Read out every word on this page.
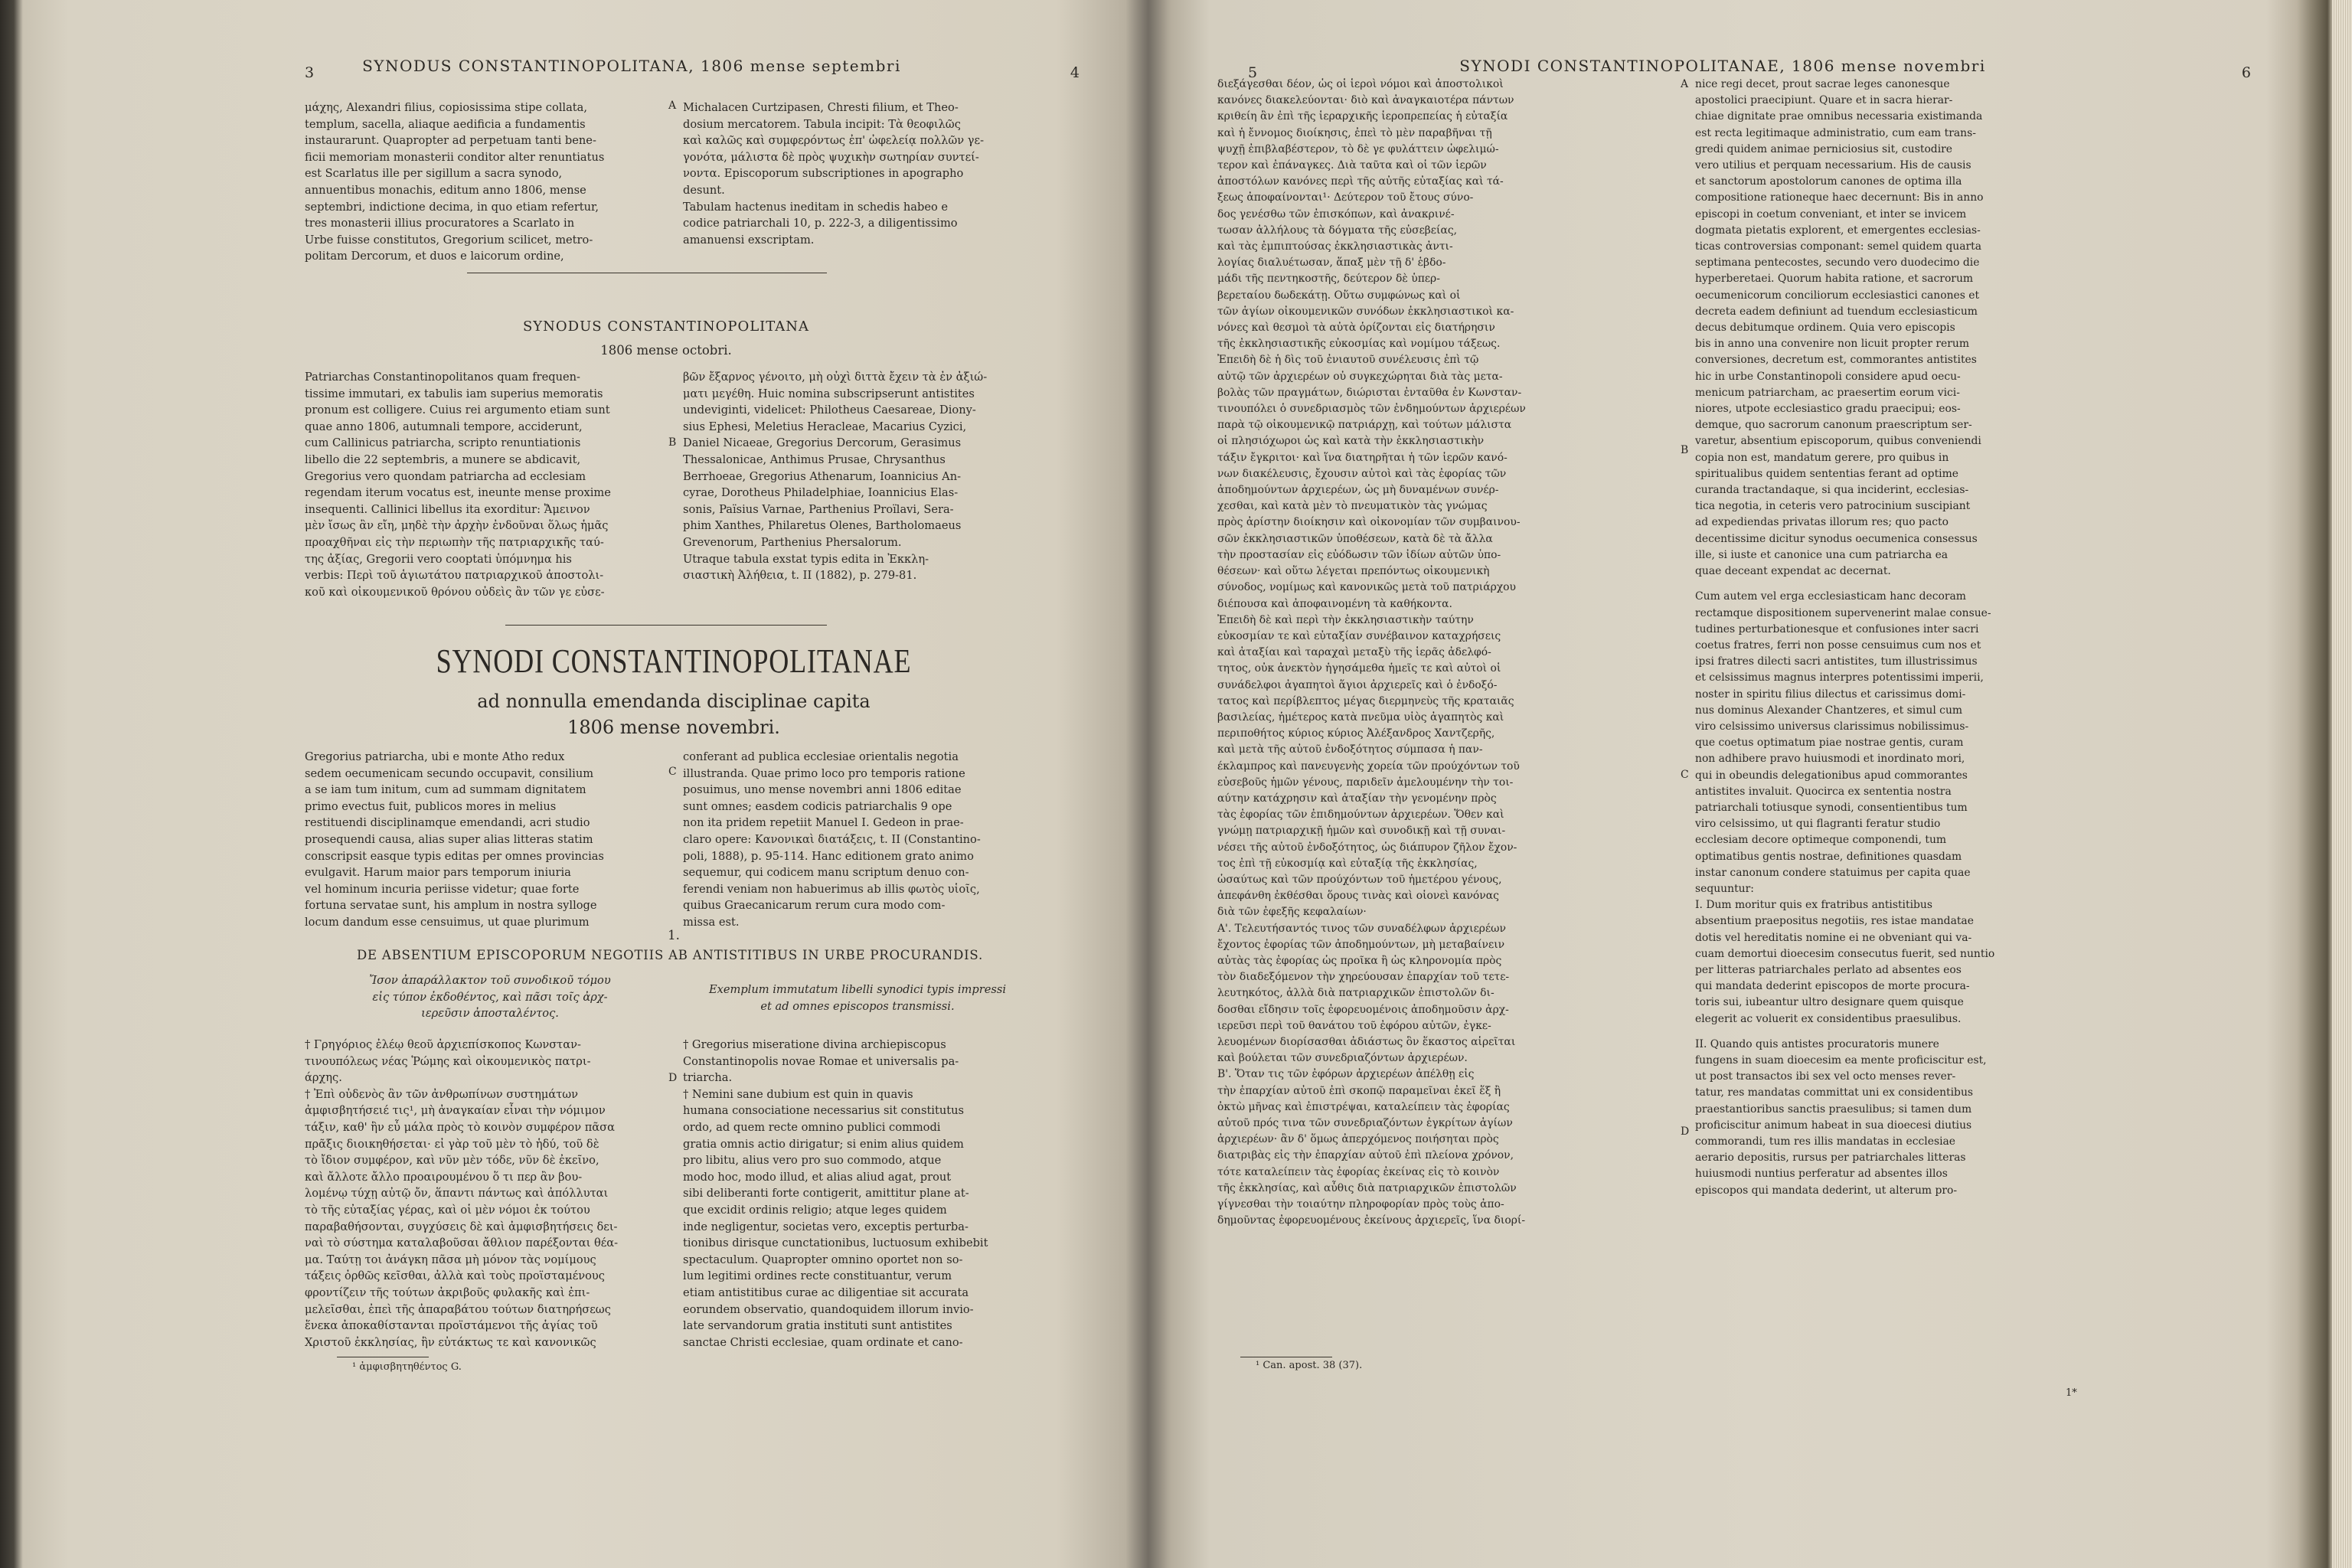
3	SYNODUS CONSTANTINOPOLITANA, 1806 mense septembri	4
μάχης, Alexandri filius, copiosissima stipe collata,
templum, sacella, aliaque aedificia a fundamentis
instaurarunt. Quapropter ad perpetuam tanti bene-
ficii memoriam monasterii conditor alter renuntiatus
est Scarlatus ille per sigillum a sacra synodo,
annuentibus monachis, editum anno 1806, mense
septembri, indictione decima, in quo etiam refertur,
tres monasterii illius procuratores a Scarlato in
Urbe fuisse constitutos, Gregorium scilicet, metro-
politam Dercorum, et duos e laicorum ordine,
A Michalacen Curtzipasen, Chresti filium, et Theo-
dosium mercatorem. Tabula incipit: Τὰ θεοφιλῶς
καὶ καλῶς καὶ συμφερόντως ἐπ' ὠφελείᾳ πολλῶν γε-
γονότα, μάλιστα δὲ πρὸς ψυχικὴν σωτηρίαν συντεί-
νοντα. Episcoporum subscriptiones in apographo
desunt.
Tabulam hactenus ineditam in schedis habeo e
codice patriarchali 10, p. 222-3, a diligentissimo
amanuensi exscriptam.
SYNODUS CONSTANTINOPOLITANA
1806 mense octobri.
Patriarchas Constantinopolitanos quam frequen-
tissime immutari, ex tabulis iam superius memoratis
pronum est colligere. Cuius rei argumento etiam sunt
quae anno 1806, autumnali tempore, acciderunt,
cum Callinicus patriarcha, scripto renuntiationis
libello die 22 septembris, a munere se abdicavit,
Gregorius vero quondam patriarcha ad ecclesiam
regendam iterum vocatus est, ineunte mense proxime
insequenti. Callinici libellus ita exorditur: Ἄμεινον
μὲν ἴσως ἂν εἴη, μηδὲ τὴν ἀρχὴν ἐνδοῦναι ὅλως ἡμᾶς
προαχθῆναι εἰς τὴν περιωπὴν τῆς πατριαρχικῆς ταύ-
της ἀξίας, Gregorii vero cooptati ὑπόμνημα his
verbis: Περὶ τοῦ ἁγιωτάτου πατριαρχικοῦ ἀποστολι-
κοῦ καὶ οἰκουμενικοῦ θρόνου οὐδεὶς ἂν τῶν γε εὐσε-
B
βῶν ἔξαρνος γένοιτο, μὴ οὐχὶ διττὰ ἔχειν τὰ ἐν ἀξιώ-
ματι μεγέθη. Huic nomina subscripserunt antistites
undeviginti, videlicet: Philotheus Caesareae, Diony-
sius Ephesi, Meletius Heracleae, Macarius Cyzici,
Daniel Nicaeae, Gregorius Dercorum, Gerasimus
Thessalonicae, Anthimus Prusae, Chrysanthus
Berrhoeae, Gregorius Athenarum, Ioannicius An-
cyrae, Dorotheus Philadelphiae, Ioannicius Elas-
sonis, Païsius Varnae, Parthenius Proïlavi, Sera-
phim Xanthes, Philaretus Olenes, Bartholomaeus
Grevenorum, Parthenius Phersalorum.
Utraque tabula exstat typis edita in Ἐκκλη-
σιαστικὴ Ἀλήθεια, t. II (1882), p. 279-81.
SYNODI CONSTANTINOPOLITANAE
ad nonnulla emendanda disciplinae capita
1806 mense novembri.
Gregorius patriarcha, ubi e monte Atho redux
sedem oecumenicam secundo occupavit, consilium
a se iam tum initum, cum ad summam dignitatem
primo evectus fuit, publicos mores in melius
restituendi disciplinamque emendandi, acri studio
prosequendi causa, alias super alias litteras statim
conscripsit easque typis editas per omnes provincias
evulgavit. Harum maior pars temporum iniuria
vel hominum incuria periisse videtur; quae forte
fortuna servatae sunt, his amplum in nostra sylloge
locum dandum esse censuimus, ut quae plurimum
C
conferant ad publica ecclesiae orientalis negotia
illustranda. Quae primo loco pro temporis ratione
posuimus, uno mense novembri anni 1806 editae
sunt omnes; easdem codicis patriarchalis 9 ope
non ita pridem repetiit Manuel I. Gedeon in prae-
claro opere: Κανονικαὶ διατάξεις, t. II (Constantino-
poli, 1888), p. 95-114. Hanc editionem grato animo
sequemur, qui codicem manu scriptum denuo con-
ferendi veniam non habuerimus ab illis φωτὸς υἱοῖς,
quibus Graecanicarum rerum cura modo com-
missa est.
1.
DE ABSENTIUM EPISCOPORUM NEGOTIIS AB ANTISTITIBUS IN URBE PROCURANDIS.
Ἴσον ἀπαράλλακτον τοῦ συνοδικοῦ τόμου
εἰς τύπον ἐκδοθέντος, καὶ πᾶσι τοῖς ἀρχ-
ιερεῦσιν ἀποσταλέντος.
Exemplum immutatum libelli synodici typis impressi
et ad omnes episcopos transmissi.
† Γρηγόριος ἐλέῳ θεοῦ ἀρχιεπίσκοπος Κωνσταν-
τινουπόλεως νέας Ῥώμης καὶ οἰκουμενικὸς πατρι-
άρχης.
† Ἐπὶ οὐδενὸς ἂν τῶν ἀνθρωπίνων συστημάτων
ἀμφισβητήσειέ τις¹, μὴ ἀναγκαίαν εἶναι τὴν νόμιμον
τάξιν, καθ' ἣν εὖ μάλα πρὸς τὸ κοινὸν συμφέρον πᾶσα
πρᾶξις διοικηθήσεται· εἰ γὰρ τοῦ μὲν τὸ ἡδύ, τοῦ δὲ
τὸ ἴδιον συμφέρον, καὶ νῦν μὲν τόδε, νῦν δὲ ἐκεῖνο,
καὶ ἄλλοτε ἄλλο προαιρουμένου ὅ τι περ ἂν βου-
λομένῳ τύχῃ αὐτῷ ὄν, ἅπαντι πάντως καὶ ἀπόλλυται
τὸ τῆς εὐταξίας γέρας, καὶ οἱ μὲν νόμοι ἐκ τούτου
παραβαθήσονται, συγχύσεις δὲ καὶ ἀμφισβητήσεις δει-
ναὶ τὸ σύστημα καταλαβοῦσαι ἄθλιον παρέξονται θέα-
μα. Ταύτῃ τοι ἀνάγκη πᾶσα μὴ μόνον τὰς νομίμους
τάξεις ὀρθῶς κεῖσθαι, ἀλλὰ καὶ τοὺς προϊσταμένους
φροντίζειν τῆς τούτων ἀκριβοῦς φυλακῆς καὶ ἐπι-
μελεῖσθαι, ἐπεὶ τῆς ἀπαραβάτου τούτων διατηρήσεως
ἕνεκα ἀποκαθίστανται προϊστάμενοι τῆς ἁγίας τοῦ
Χριστοῦ ἐκκλησίας, ἣν εὐτάκτως τε καὶ κανονικῶς
D
† Gregorius miseratione divina archiepiscopus
Constantinopolis novae Romae et universalis pa-
triarcha.
† Nemini sane dubium est quin in quavis
humana consociatione necessarius sit constitutus
ordo, ad quem recte omnino publici commodi
gratia omnis actio dirigatur; si enim alius quidem
pro libitu, alius vero pro suo commodo, atque
modo hoc, modo illud, et alias aliud agat, prout
sibi deliberanti forte contigerit, amittitur plane at-
que excidit ordinis religio; atque leges quidem
inde negligentur, societas vero, exceptis perturba-
tionibus dirisque cunctationibus, luctuosum exhibebit
spectaculum. Quapropter omnino oportet non so-
lum legitimi ordines recte constituantur, verum
etiam antistitibus curae ac diligentiae sit accurata
eorundem observatio, quandoquidem illorum invio-
late servandorum gratia instituti sunt antistites
sanctae Christi ecclesiae, quam ordinate et cano-
¹ ἀμφισβητηθέντος G.
5	SYNODI CONSTANTINOPOLITANAE, 1806 mense novembri	6
διεξάγεσθαι δέον, ὡς οἱ ἱεροὶ νόμοι καὶ ἀποστολικοὶ
κανόνες διακελεύονται· διὸ καὶ ἀναγκαιοτέρα πάντων
κριθείη ἂν ἐπὶ τῆς ἱεραρχικῆς ἱεροπρεπείας ἡ εὐταξία
καὶ ἡ ἔννομος διοίκησις, ἐπεὶ τὸ μὲν παραβῆναι τῇ
ψυχῇ ἐπιβλαβέστερον, τὸ δὲ γε φυλάττειν ὠφελιμώ-
τερον καὶ ἐπάναγκες. Διὰ ταῦτα καὶ οἱ τῶν ἱερῶν
ἀποστόλων κανόνες περὶ τῆς αὐτῆς εὐταξίας καὶ τά-
ξεως ἀποφαίνονται¹· Δεύτερον τοῦ ἔτους σύνο-
δος γενέσθω τῶν ἐπισκόπων, καὶ ἀνακρινέ-
τωσαν ἀλλήλους τὰ δόγματα τῆς εὐσεβείας,
καὶ τὰς ἐμπιπτούσας ἐκκλησιαστικὰς ἀντι-
λογίας διαλυέτωσαν, ἅπαξ μὲν τῇ δ' ἑβδο-
μάδι τῆς πεντηκοστῆς, δεύτερον δὲ ὑπερ-
βερεταίου δωδεκάτῃ. Οὕτω συμφώνως καὶ οἱ
τῶν ἁγίων οἰκουμενικῶν συνόδων ἐκκλησιαστικοὶ κα-
νόνες καὶ θεσμοὶ τὰ αὐτὰ ὁρίζονται εἰς διατήρησιν
τῆς ἐκκλησιαστικῆς εὐκοσμίας καὶ νομίμου τάξεως.
Ἐπειδὴ δὲ ἡ δὶς τοῦ ἐνιαυτοῦ συνέλευσις ἐπὶ τῷ
αὐτῷ τῶν ἀρχιερέων οὐ συγκεχώρηται διὰ τὰς μετα-
βολὰς τῶν πραγμάτων, διώρισται ἐνταῦθα ἐν Κωνσταν-
τινουπόλει ὁ συνεδριασμὸς τῶν ἐνδημούντων ἀρχιερέων
παρὰ τῷ οἰκουμενικῷ πατριάρχῃ, καὶ τούτων μάλιστα
οἱ πλησιόχωροι ὡς καὶ κατὰ τὴν ἐκκλησιαστικὴν
τάξιν ἔγκριτοι· καὶ ἵνα διατηρῆται ἡ τῶν ἱερῶν κανό-
νων διακέλευσις, ἔχουσιν αὐτοὶ καὶ τὰς ἐφορίας τῶν
ἀποδημούντων ἀρχιερέων, ὡς μὴ δυναμένων συνέρ-
χεσθαι, καὶ κατὰ μὲν τὸ πνευματικὸν τὰς γνώμας
πρὸς ἀρίστην διοίκησιν καὶ οἰκονομίαν τῶν συμβαινου-
σῶν ἐκκλησιαστικῶν ὑποθέσεων, κατὰ δὲ τὰ ἄλλα
τὴν προστασίαν εἰς εὐόδωσιν τῶν ἰδίων αὐτῶν ὑπο-
θέσεων· καὶ οὕτω λέγεται πρεπόντως οἰκουμενικὴ
σύνοδος, νομίμως καὶ κανονικῶς μετὰ τοῦ πατριάρχου
διέπουσα καὶ ἀποφαινομένη τὰ καθήκοντα.
Ἐπειδὴ δὲ καὶ περὶ τὴν ἐκκλησιαστικὴν ταύτην
εὐκοσμίαν τε καὶ εὐταξίαν συνέβαινον καταχρήσεις
καὶ ἀταξίαι καὶ ταραχαὶ μεταξὺ τῆς ἱερᾶς ἀδελφό-
τητος, οὐκ ἀνεκτὸν ἡγησάμεθα ἡμεῖς τε καὶ αὐτοὶ οἱ
συνάδελφοι ἀγαπητοὶ ἅγιοι ἀρχιερεῖς καὶ ὁ ἐνδοξό-
τατος καὶ περίβλεπτος μέγας διερμηνεὺς τῆς κραταιᾶς
βασιλείας, ἡμέτερος κατὰ πνεῦμα υἱὸς ἀγαπητὸς καὶ
περιποθήτος κύριος κύριος Ἀλέξανδρος Χαντζερῆς,
καὶ μετὰ τῆς αὐτοῦ ἐνδοξότητος σύμπασα ἡ παν-
έκλαμπρος καὶ πανευγενὴς χορεία τῶν προύχόντων τοῦ
εὐσεβοῦς ἡμῶν γένους, παριδεῖν ἀμελουμένην τὴν τοι-
αύτην κατάχρησιν καὶ ἀταξίαν τὴν γενομένην πρὸς
τὰς ἐφορίας τῶν ἐπιδημούντων ἀρχιερέων. Ὅθεν καὶ
γνώμῃ πατριαρχικῇ ἡμῶν καὶ συνοδικῇ καὶ τῇ συναι-
νέσει τῆς αὐτοῦ ἐνδοξότητος, ὡς διάπυρον ζῆλον ἔχον-
τος ἐπὶ τῇ εὐκοσμίᾳ καὶ εὐταξίᾳ τῆς ἐκκλησίας,
ὡσαύτως καὶ τῶν προύχόντων τοῦ ἡμετέρου γένους,
ἀπεφάνθη ἐκθέσθαι ὅρους τινὰς καὶ οἱονεὶ κανόνας
διὰ τῶν ἐφεξῆς κεφαλαίων·
Α'. Τελευτήσαντός τινος τῶν συναδέλφων ἀρχιερέων
ἔχοντος ἐφορίας τῶν ἀποδημούντων, μὴ μεταβαίνειν
αὐτὰς τὰς ἐφορίας ὡς προῖκα ἢ ὡς κληρονομία πρὸς
τὸν διαδεξόμενον τὴν χηρεύουσαν ἐπαρχίαν τοῦ τετε-
λευτηκότος, ἀλλὰ διὰ πατριαρχικῶν ἐπιστολῶν δι-
δοσθαι εἴδησιν τοῖς ἐφορευομένοις ἀποδημοῦσιν ἀρχ-
ιερεῦσι περὶ τοῦ θανάτου τοῦ ἐφόρου αὐτῶν, ἐγκε-
λευομένων διορίσασθαι ἀδιάστως ὃν ἕκαστος αἱρεῖται
καὶ βούλεται τῶν συνεδριαζόντων ἀρχιερέων.
Β'. Ὅταν τις τῶν ἐφόρων ἀρχιερέων ἀπέλθῃ εἰς
τὴν ἐπαρχίαν αὐτοῦ ἐπὶ σκοπῷ παραμεῖναι ἐκεῖ ἕξ ἢ
ὀκτὼ μῆνας καὶ ἐπιστρέψαι, καταλείπειν τὰς ἐφορίας
αὐτοῦ πρός τινα τῶν συνεδριαζόντων ἐγκρίτων ἁγίων
ἀρχιερέων· ἂν δ' ὅμως ἀπερχόμενος ποιήσηται πρὸς
διατριβὰς εἰς τὴν ἐπαρχίαν αὐτοῦ ἐπὶ πλείονα χρόνον,
τότε καταλείπειν τὰς ἐφορίας ἐκείνας εἰς τὸ κοινὸν
τῆς ἐκκλησίας, καὶ αὖθις διὰ πατριαρχικῶν ἐπιστολῶν
γίγνεσθαι τὴν τοιαύτην πληροφορίαν πρὸς τοὺς ἀπο-
δημοῦντας ἐφορευομένους ἐκείνους ἀρχιερεῖς, ἵνα διορί-
A
B
C
D
nice regi decet, prout sacrae leges canonesque
apostolici praecipiunt. Quare et in sacra hierar-
chiae dignitate prae omnibus necessaria existimanda
est recta legitimaque administratio, cum eam trans-
gredi quidem animae perniciosius sit, custodire
vero utilius et perquam necessarium. His de causis
et sanctorum apostolorum canones de optima illa
compositione rationeque haec decernunt: Bis in anno
episcopi in coetum conveniant, et inter se invicem
dogmata pietatis explorent, et emergentes ecclesias-
ticas controversias componant: semel quidem quarta
septimana pentecostes, secundo vero duodecimo die
hyperberetaei. Quorum habita ratione, et sacrorum
oecumenicorum conciliorum ecclesiastici canones et
decreta eadem definiunt ad tuendum ecclesiasticum
decus debitumque ordinem. Quia vero episcopis
bis in anno una convenire non licuit propter rerum
conversiones, decretum est, commorantes antistites
hic in urbe Constantinopoli considere apud oecu-
menicum patriarcham, ac praesertim eorum vici-
niores, utpote ecclesiastico gradu praecipui; eos-
demque, quo sacrorum canonum praescriptum ser-
varetur, absentium episcoporum, quibus conveniendi
copia non est, mandatum gerere, pro quibus in
spiritualibus quidem sententias ferant ad optime
curanda tractandaque, si qua inciderint, ecclesias-
tica negotia, in ceteris vero patrocinium suscipiant
ad expediendas privatas illorum res; quo pacto
decentissime dicitur synodus oecumenica consessus
ille, si iuste et canonice una cum patriarcha ea
quae deceant expendat ac decernat.
Cum autem vel erga ecclesiasticam hanc decoram
rectamque dispositionem supervenerint malae consue-
tudines perturbationesque et confusiones inter sacri
coetus fratres, ferri non posse censuimus cum nos et
ipsi fratres dilecti sacri antistites, tum illustrissimus
et celsissimus magnus interpres potentissimi imperii,
noster in spiritu filius dilectus et carissimus domi-
nus dominus Alexander Chantzeres, et simul cum
viro celsissimo universus clarissimus nobilissimus-
que coetus optimatum piae nostrae gentis, curam
non adhibere pravo huiusmodi et inordinato mori,
qui in obeundis delegationibus apud commorantes
antistites invaluit. Quocirca ex sententia nostra
patriarchali totiusque synodi, consentientibus tum
viro celsissimo, ut qui flagranti feratur studio
ecclesiam decore optimeque componendi, tum
optimatibus gentis nostrae, definitiones quasdam
instar canonum condere statuimus per capita quae
sequuntur:
I. Dum moritur quis ex fratribus antistitibus
absentium praepositus negotiis, res istae mandatae
dotis vel hereditatis nomine ei ne obveniant qui va-
cuam demortui dioecesim consecutus fuerit, sed nuntio
per litteras patriarchales perlato ad absentes eos
qui mandata dederint episcopos de morte procura-
toris sui, iubeantur ultro designare quem quisque
elegerit ac voluerit ex considentibus praesulibus.
II. Quando quis antistes procuratoris munere
fungens in suam dioecesim ea mente proficiscitur est,
ut post transactos ibi sex vel octo menses rever-
tatur, res mandatas committat uni ex considentibus
praestantioribus sanctis praesulibus; si tamen dum
proficiscitur animum habeat in sua dioecesi diutius
commorandi, tum res illis mandatas in ecclesiae
aerario depositis, rursus per patriarchales litteras
huiusmodi nuntius perferatur ad absentes illos
episcopos qui mandata dederint, ut alterum pro-
¹ Can. apost. 38 (37).
1*
